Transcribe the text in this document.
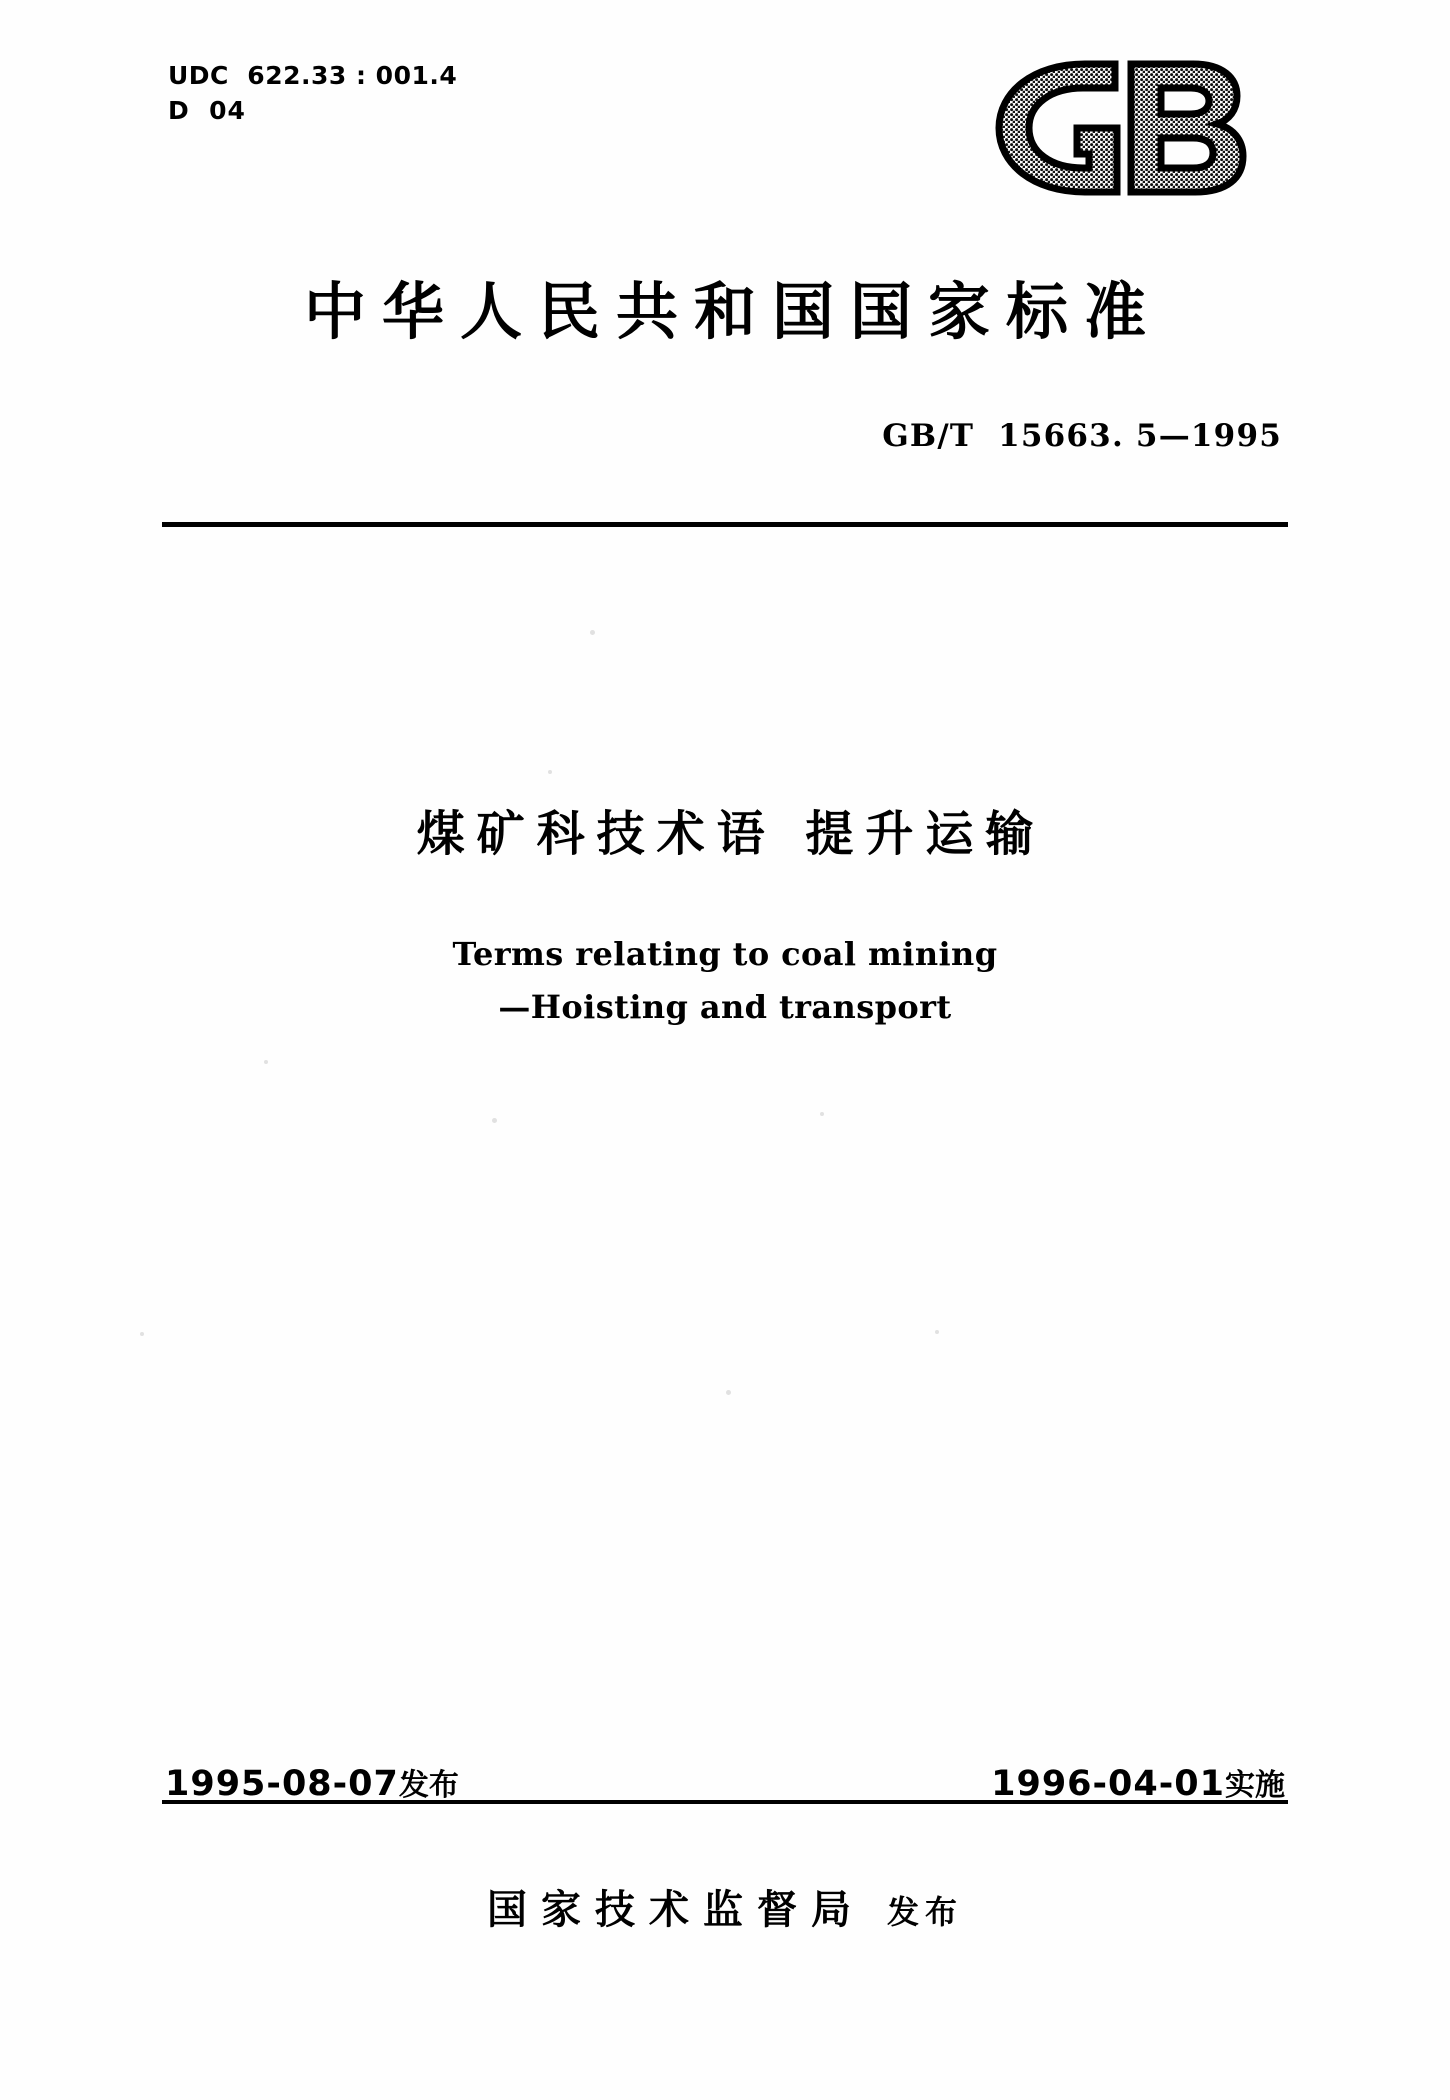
UDC  622.33 : 001.4
D  04
中华人民共和国国家标准
GB/T  15663. 5—1995
煤矿科技术语 提升运输
Terms relating to coal mining
—Hoisting and transport
1995-08-07发布	1996-04-01实施
国家技术监督局 发布
